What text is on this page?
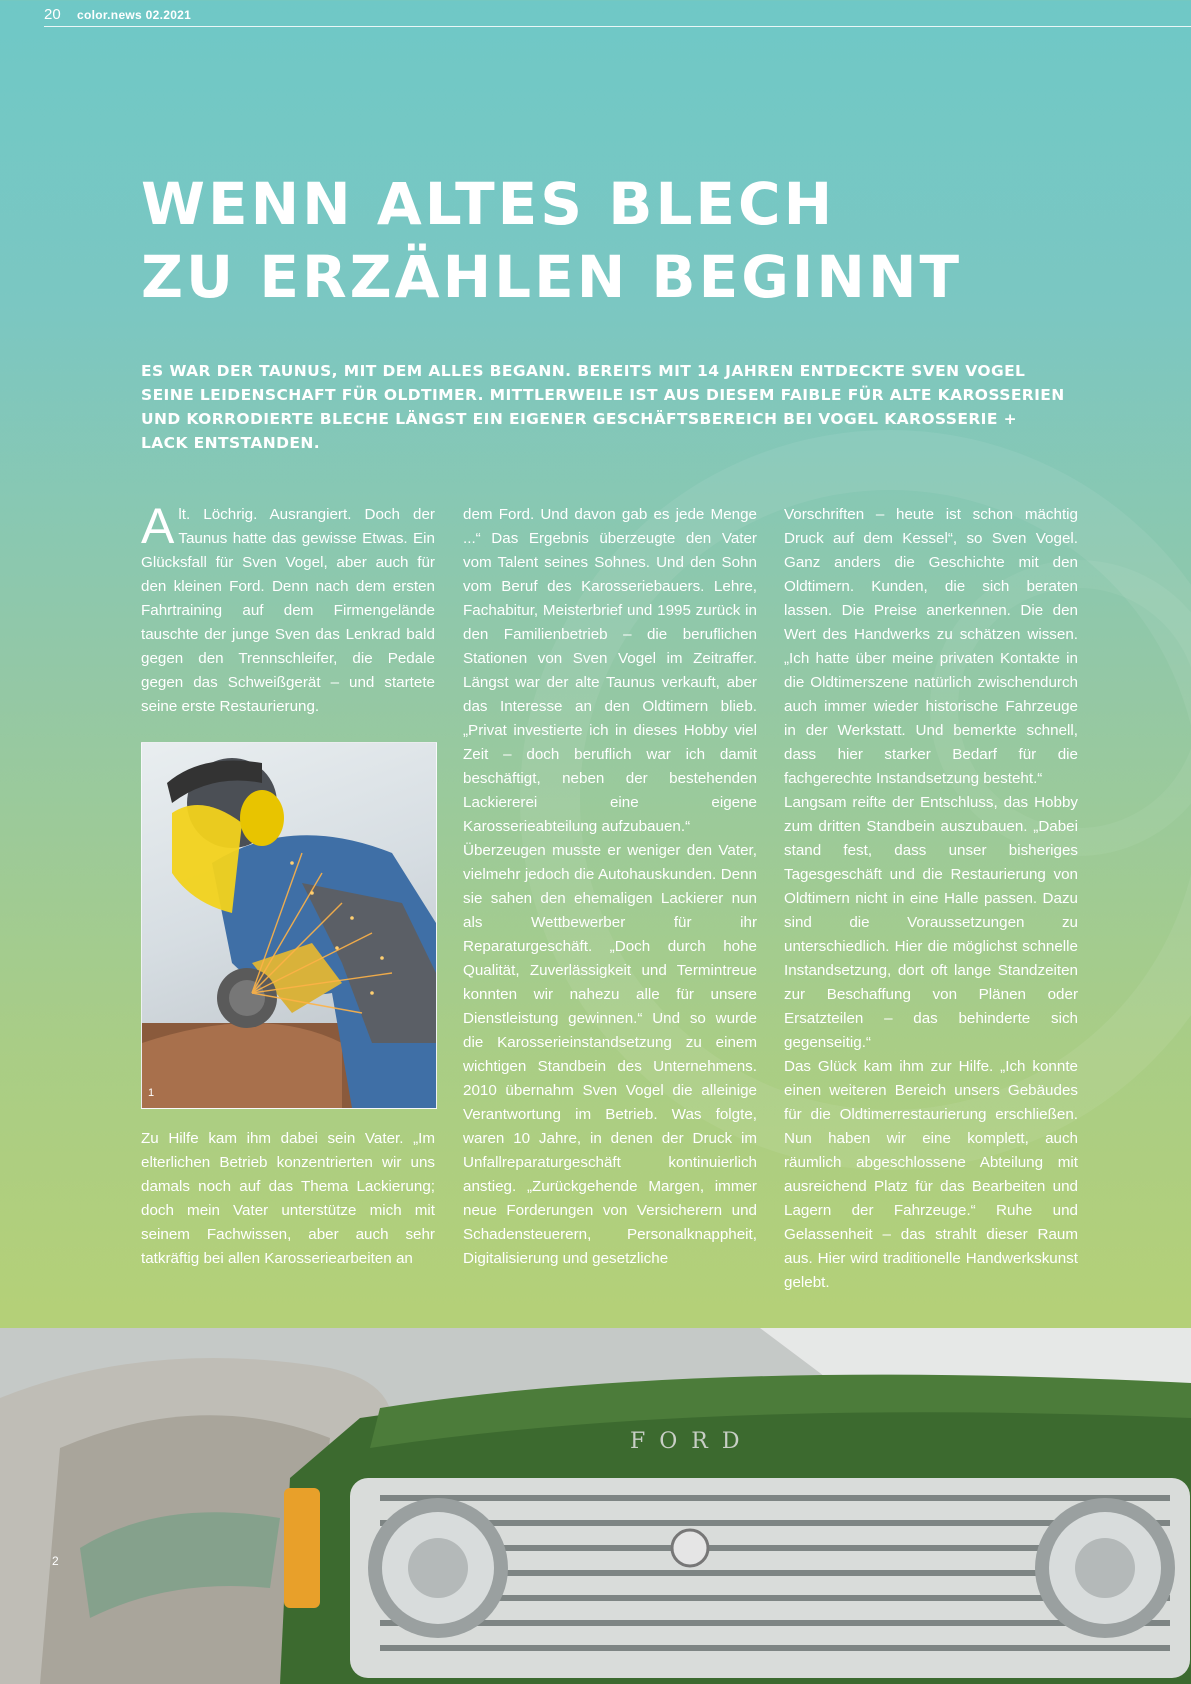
20 color.news 02.2021
WENN ALTES BLECH
ZU ERZÄHLEN BEGINNT

ES WAR DER TAUNUS, MIT DEM ALLES BEGANN. BEREITS MIT 14 JAHREN ENTDECKTE SVEN VOGEL SEINE LEIDENSCHAFT FÜR OLDTIMER. MITTLERWEILE IST AUS DIESEM FAIBLE FÜR ALTE KAROSSERIEN UND KORRODIERTE BLECHE LÄNGST EIN EIGENER GESCHÄFTSBEREICH BEI VOGEL KAROSSERIE + LACK ENTSTANDEN.

Alt. Löchrig. Ausrangiert. Doch der Taunus hatte das gewisse Etwas. Ein Glücksfall für Sven Vogel, aber auch für den kleinen Ford. Denn nach dem ersten Fahrtraining auf dem Firmengelände tauschte der junge Sven das Lenkrad bald gegen den Trennschleifer, die Pedale gegen das Schweißgerät – und startete seine erste Restaurierung.

1

Zu Hilfe kam ihm dabei sein Vater. „Im elterlichen Betrieb konzentrierten wir uns damals noch auf das Thema Lackierung; doch mein Vater unterstütze mich mit seinem Fachwissen, aber auch sehr tatkräftig bei allen Karosseriearbeiten an

dem Ford. Und davon gab es jede Menge ...“ Das Ergebnis überzeugte den Vater vom Talent seines Sohnes. Und den Sohn vom Beruf des Karosseriebauers. Lehre, Fachabitur, Meisterbrief und 1995 zurück in den Familienbetrieb – die beruflichen Stationen von Sven Vogel im Zeitraffer. Längst war der alte Taunus verkauft, aber das Interesse an den Oldtimern blieb. „Privat investierte ich in dieses Hobby viel Zeit – doch beruflich war ich damit beschäftigt, neben der bestehenden Lackiererei eine eigene Karosserieabteilung aufzubauen.“

Überzeugen musste er weniger den Vater, vielmehr jedoch die Autohauskunden. Denn sie sahen den ehemaligen Lackierer nun als Wettbewerber für ihr Reparaturgeschäft. „Doch durch hohe Qualität, Zuverlässigkeit und Termintreue konnten wir nahezu alle für unsere Dienstleistung gewinnen.“ Und so wurde die Karosserieinstandsetzung zu einem wichtigen Standbein des Unternehmens. 2010 übernahm Sven Vogel die alleinige Verantwortung im Betrieb. Was folgte, waren 10 Jahre, in denen der Druck im Unfallreparaturgeschäft kontinuierlich anstieg. „Zurückgehende Margen, immer neue Forderungen von Versicherern und Schadensteuerern, Personalknappheit, Digitalisierung und gesetzliche

Vorschriften – heute ist schon mächtig Druck auf dem Kessel“, so Sven Vogel. Ganz anders die Geschichte mit den Oldtimern. Kunden, die sich beraten lassen. Die Preise anerkennen. Die den Wert des Handwerks zu schätzen wissen. „Ich hatte über meine privaten Kontakte in die Oldtimerszene natürlich zwischendurch auch immer wieder historische Fahrzeuge in der Werkstatt. Und bemerkte schnell, dass hier starker Bedarf für die fachgerechte Instandsetzung besteht.“

Langsam reifte der Entschluss, das Hobby zum dritten Standbein auszubauen. „Dabei stand fest, dass unser bisheriges Tagesgeschäft und die Restaurierung von Oldtimern nicht in eine Halle passen. Dazu sind die Voraussetzungen zu unterschiedlich. Hier die möglichst schnelle Instandsetzung, dort oft lange Standzeiten zur Beschaffung von Plänen oder Ersatzteilen – das behinderte sich gegenseitig.“

Das Glück kam ihm zur Hilfe. „Ich konnte einen weiteren Bereich unsers Gebäudes für die Oldtimerrestaurierung erschließen. Nun haben wir eine komplett, auch räumlich abgeschlossene Abteilung mit ausreichend Platz für das Bearbeiten und Lagern der Fahrzeuge.“ Ruhe und Gelassenheit – das strahlt dieser Raum aus. Hier wird traditionelle Handwerkskunst gelebt.

FORD
2
